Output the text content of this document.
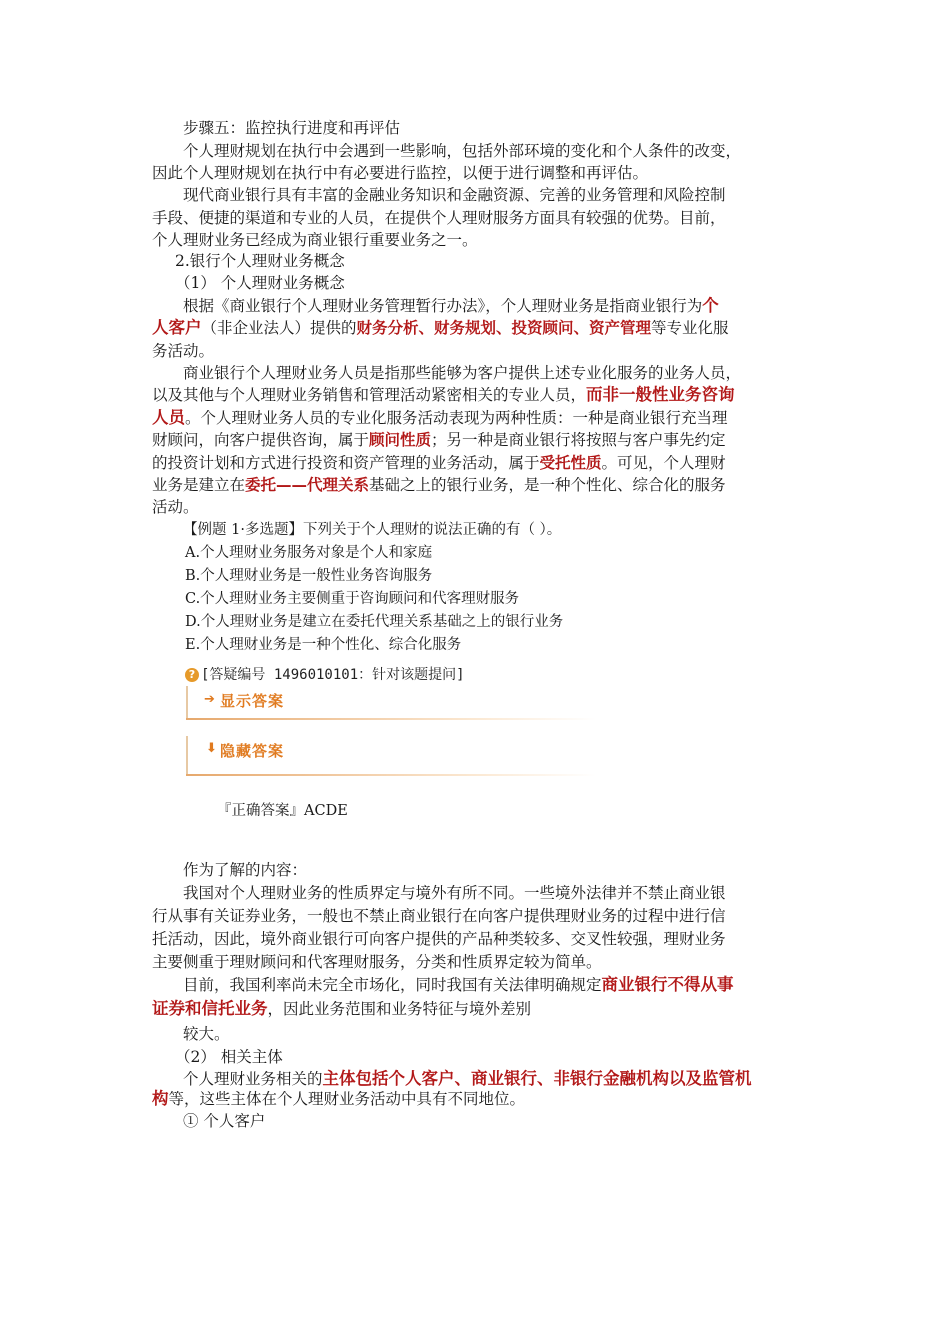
步骤五：监控执行进度和再评估
个人理财规划在执行中会遇到一些影响，包括外部环境的变化和个人条件的改变，
因此个人理财规划在执行中有必要进行监控，以便于进行调整和再评估。
现代商业银行具有丰富的金融业务知识和金融资源、完善的业务管理和风险控制
手段、便捷的渠道和专业的人员，在提供个人理财服务方面具有较强的优势。目前，
个人理财业务已经成为商业银行重要业务之一。
2.银行个人理财业务概念
（1） 个人理财业务概念
根据《商业银行个人理财业务管理暂行办法》，个人理财业务是指商业银行为个
人客户（非企业法人）提供的财务分析、财务规划、投资顾问、资产管理等专业化服
务活动。
商业银行个人理财业务人员是指那些能够为客户提供上述专业化服务的业务人员，
以及其他与个人理财业务销售和管理活动紧密相关的专业人员，而非一般性业务咨询
人员。个人理财业务人员的专业化服务活动表现为两种性质：一种是商业银行充当理
财顾问，向客户提供咨询，属于顾问性质；另一种是商业银行将按照与客户事先约定
的投资计划和方式进行投资和资产管理的业务活动，属于受托性质。可见，个人理财
业务是建立在委托——代理关系基础之上的银行业务，是一种个性化、综合化的服务
活动。
【例题 1·多选题】下列关于个人理财的说法正确的有（ ）。
A.个人理财业务服务对象是个人和家庭
B.个人理财业务是一般性业务咨询服务
C.个人理财业务主要侧重于咨询顾问和代客理财服务
D.个人理财业务是建立在委托代理关系基础之上的银行业务
E.个人理财业务是一种个性化、综合化服务
? [答疑编号 1496010101：针对该题提问]
➔ 显示答案
⬇ 隐藏答案
『正确答案』ACDE
作为了解的内容：
我国对个人理财业务的性质界定与境外有所不同。一些境外法律并不禁止商业银
行从事有关证券业务，一般也不禁止商业银行在向客户提供理财业务的过程中进行信
托活动，因此，境外商业银行可向客户提供的产品种类较多、交叉性较强，理财业务
主要侧重于理财顾问和代客理财服务，分类和性质界定较为简单。
目前，我国利率尚未完全市场化，同时我国有关法律明确规定商业银行不得从事
证券和信托业务，因此业务范围和业务特征与境外差别
较大。
（2） 相关主体
个人理财业务相关的主体包括个人客户、商业银行、非银行金融机构以及监管机
构等，这些主体在个人理财业务活动中具有不同地位。
① 个人客户
